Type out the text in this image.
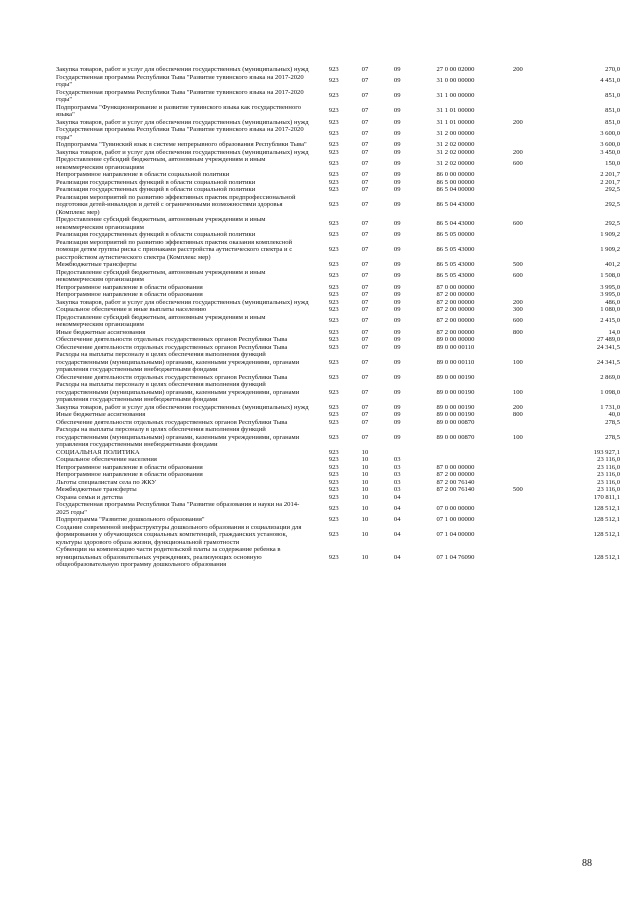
Закупка товаров, работ и услуг для обеспечения государственных (муниципальных) нужд	923	07	09	27 0 00 02000	200	270,0
Государственная программа Республики Тыва "Развитие тувинского языка на 2017-2020 годы"	923	07	09	31 0 00 00000		4 451,0
Государственная программа Республики Тыва "Развитие тувинского языка на 2017-2020 годы"	923	07	09	31 1 00 00000		851,0
Подпрограмма "Функционирование и развитие тувинского языка как государственного языка"	923	07	09	31 1 01 00000		851,0
Закупка товаров, работ и услуг для обеспечения государственных (муниципальных) нужд	923	07	09	31 1 01 00000	200	851,0
Государственная программа Республики Тыва "Развитие тувинского языка на 2017-2020 годы"	923	07	09	31 2 00 00000		3 600,0
Подпрограмма "Тувинский язык в системе непрерывного образования Республики Тыва"	923	07	09	31 2 02 00000		3 600,0
Закупка товаров, работ и услуг для обеспечения государственных (муниципальных) нужд	923	07	09	31 2 02 00000	200	3 450,0
Предоставление субсидий бюджетным, автономным учреждениям и иным некоммерческим организациям	923	07	09	31 2 02 00000	600	150,0
Непрограммное направление в области социальной политики	923	07	09	86 0 00 00000		2 201,7
Реализация государственных функций в области социальной политики	923	07	09	86 5 00 00000		2 201,7
Реализация государственных функций в области социальной политики	923	07	09	86 5 04 00000		292,5
Реализация мероприятий по развитию эффективных практик предпрофессиональной подготовки детей-инвалидов и детей с ограниченными возможностями здоровья (Комплекс мер)	923	07	09	86 5 04 43000		292,5
Предоставление субсидий бюджетным, автономным учреждениям и иным некоммерческим организациям	923	07	09	86 5 04 43000	600	292,5
Реализация государственных функций в области социальной политики	923	07	09	86 5 05 00000		1 909,2
Реализация мероприятий по развитию эффективных практик оказания комплексной помощи детям группы риска с признаками расстройства аутистического спектра и с расстройством аутистического спектра (Комплекс мер)	923	07	09	86 5 05 43000		1 909,2
Межбюджетные трансферты	923	07	09	86 5 05 43000	500	401,2
Предоставление субсидий бюджетным, автономным учреждениям и иным некоммерческим организациям	923	07	09	86 5 05 43000	600	1 508,0
Непрограммное направление в области образования	923	07	09	87 0 00 00000		3 995,0
Непрограммное направление в области образования	923	07	09	87 2 00 00000		3 995,0
Закупка товаров, работ и услуг для обеспечения государственных (муниципальных) нужд	923	07	09	87 2 00 00000	200	486,0
Социальное обеспечение и иные выплаты населению	923	07	09	87 2 00 00000	300	1 080,0
Предоставление субсидий бюджетным, автономным учреждениям и иным некоммерческим организациям	923	07	09	87 2 00 00000	600	2 415,0
Иные бюджетные ассигнования	923	07	09	87 2 00 00000	800	14,0
Обеспечение деятельности отдельных государственных органов Республики Тыва	923	07	09	89 0 00 00000		27 489,0
Обеспечение деятельности отдельных государственных органов Республики Тыва	923	07	09	89 0 00 00110		24 341,5
Расходы на выплаты персоналу в целях обеспечения выполнения функций государственными (муниципальными) органами, казенными учреждениями, органами управления государственными внебюджетными фондами	923	07	09	89 0 00 00110	100	24 341,5
Обеспечение деятельности отдельных государственных органов Республики Тыва	923	07	09	89 0 00 00190		2 869,0
Расходы на выплаты персоналу в целях обеспечения выполнения функций государственными (муниципальными) органами, казенными учреждениями, органами управления государственными внебюджетными фондами	923	07	09	89 0 00 00190	100	1 098,0
Закупка товаров, работ и услуг для обеспечения государственных (муниципальных) нужд	923	07	09	89 0 00 00190	200	1 731,0
Иные бюджетные ассигнования	923	07	09	89 0 00 00190	800	40,0
Обеспечение деятельности отдельных государственных органов Республики Тыва	923	07	09	89 0 00 00870		278,5
Расходы на выплаты персоналу в целях обеспечения выполнения функций государственными (муниципальными) органами, казенными учреждениями, органами управления государственными внебюджетными фондами	923	07	09	89 0 00 00870	100	278,5
СОЦИАЛЬНАЯ ПОЛИТИКА	923	10				193 927,1
Социальное обеспечение населения	923	10	03			23 116,0
Непрограммное направление в области образования	923	10	03	87 0 00 00000		23 116,0
Непрограммное направление в области образования	923	10	03	87 2 00 00000		23 116,0
Льготы специалистам села по ЖКУ	923	10	03	87 2 00 76140		23 116,0
Межбюджетные трансферты	923	10	03	87 2 00 76140	500	23 116,0
Охрана семьи и детства	923	10	04			170 811,1
Государственная программа Республики Тыва "Развитие образования и науки на 2014-2025 годы"	923	10	04	07 0 00 00000		128 512,1
Подпрограмма "Развитие дошкольного образования"	923	10	04	07 1 00 00000		128 512,1
Создание современной инфраструктуры дошкольного образования и социализации для формирования у обучающихся социальных компетенций, гражданских установок, культуры здорового образа жизни, функциональной грамотности	923	10	04	07 1 04 00000		128 512,1
Субвенции на компенсацию части родительской платы за содержание ребенка в муниципальных образовательных учреждениях, реализующих основную общеобразовательную программу дошкольного образования	923	10	04	07 1 04 76090		128 512,1
88
